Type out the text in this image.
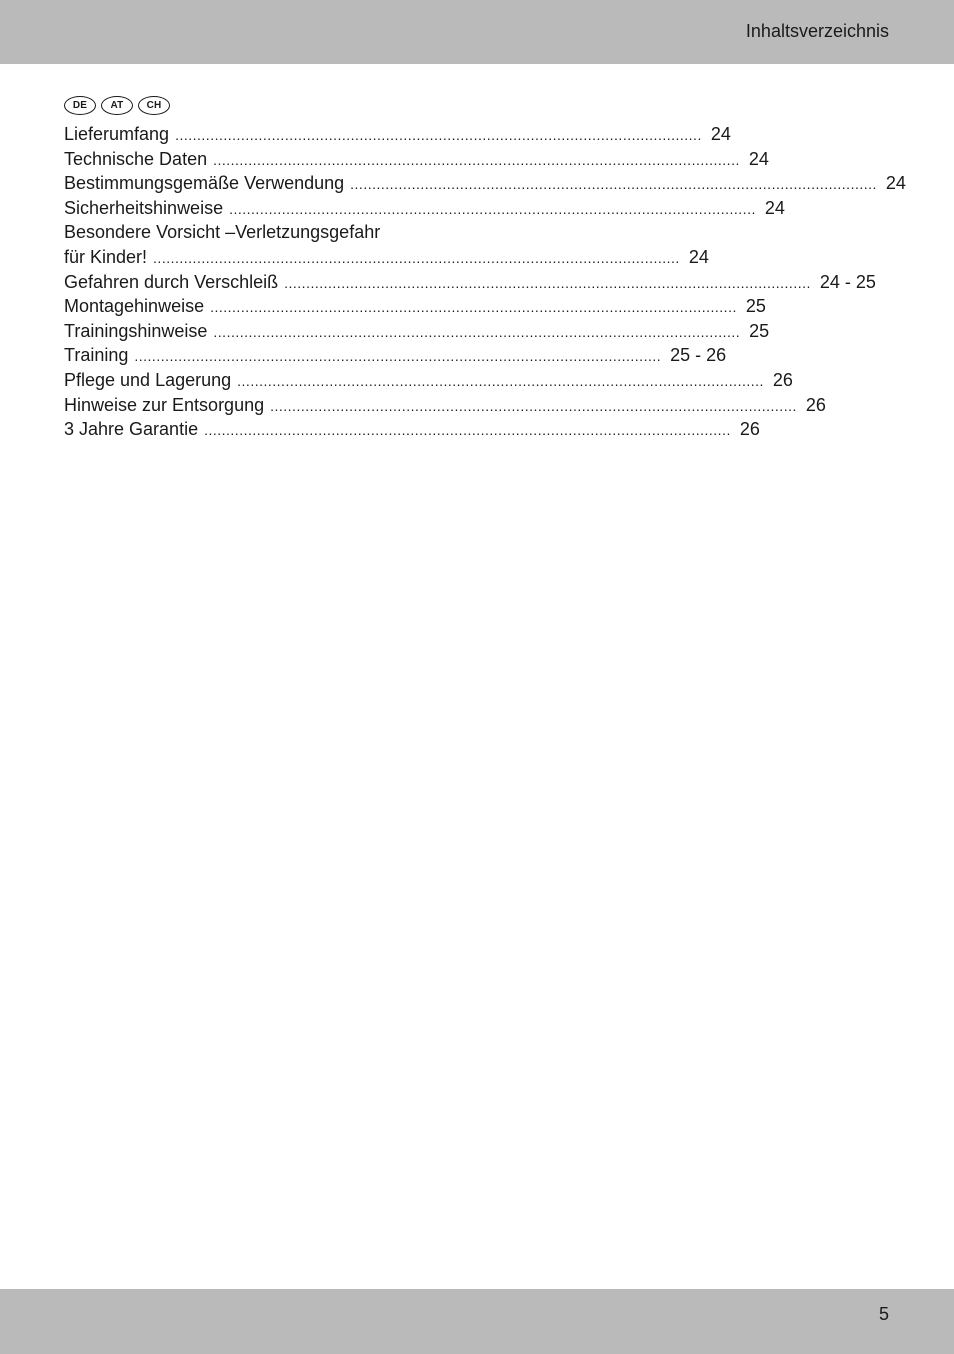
Inhaltsverzeichnis
DE	AT	CH
Lieferumfang ........................................................................................................................ 24
Technische Daten ........................................................................................................................ 24
Bestimmungsgemäße Verwendung ........................................................................................................................ 24
Sicherheitshinweise ........................................................................................................................ 24
Besondere Vorsicht –Verletzungsgefahr
für Kinder! ........................................................................................................................ 24
Gefahren durch Verschleiß ........................................................................................................................ 24 - 25
Montagehinweise ........................................................................................................................ 25
Trainingshinweise ........................................................................................................................ 25
Training ........................................................................................................................ 25 - 26
Pflege und Lagerung ........................................................................................................................ 26
Hinweise zur Entsorgung ........................................................................................................................ 26
3 Jahre Garantie ........................................................................................................................ 26
5
